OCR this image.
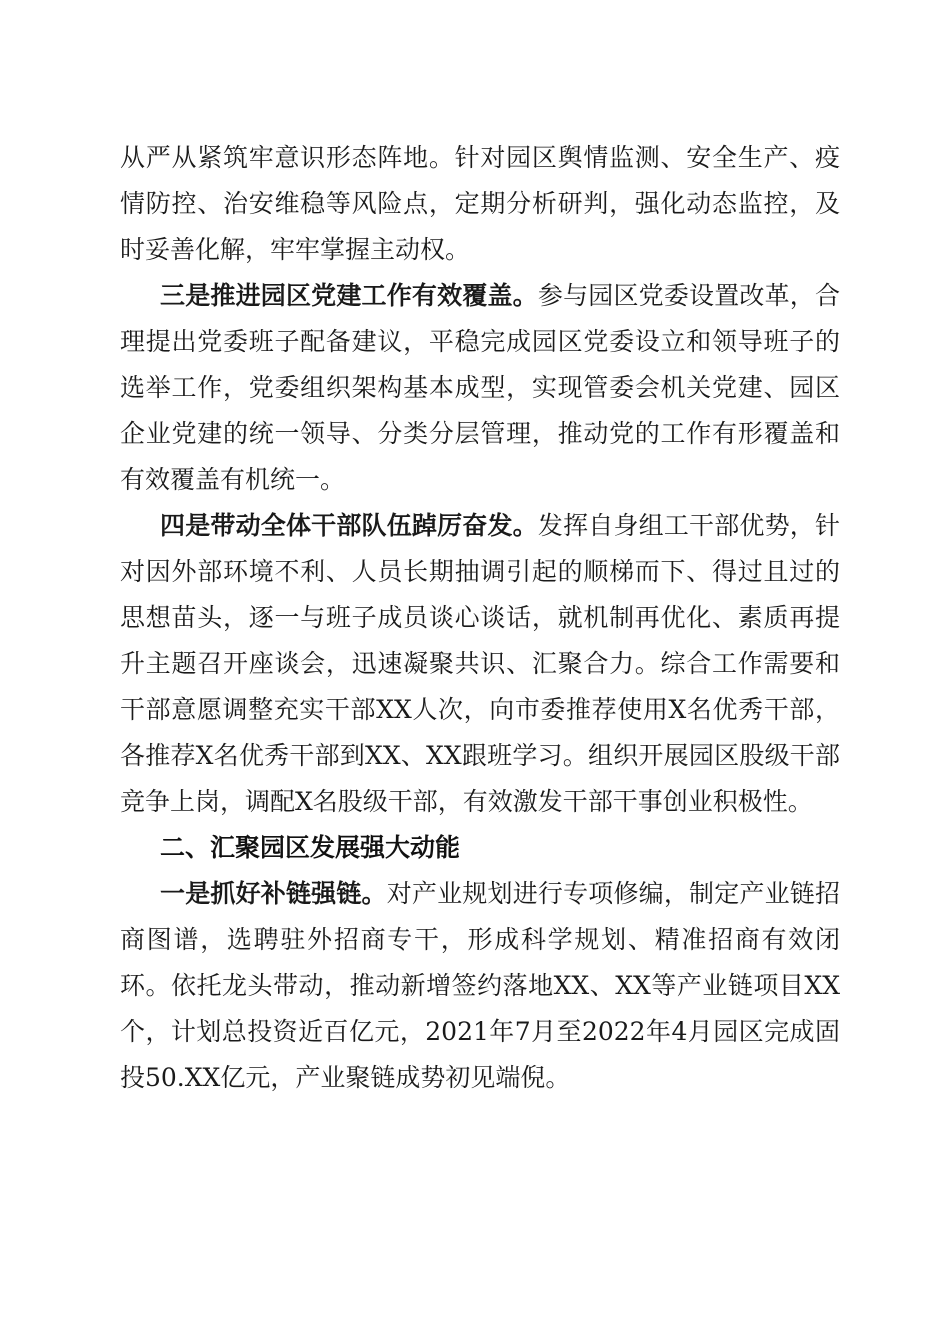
从严从紧筑牢意识形态阵地。针对园区舆情监测、安全生产、疫情防控、治安维稳等风险点，定期分析研判，强化动态监控，及时妥善化解，牢牢掌握主动权。

三是推进园区党建工作有效覆盖。参与园区党委设置改革，合理提出党委班子配备建议，平稳完成园区党委设立和领导班子的选举工作，党委组织架构基本成型，实现管委会机关党建、园区企业党建的统一领导、分类分层管理，推动党的工作有形覆盖和有效覆盖有机统一。

四是带动全体干部队伍踔厉奋发。发挥自身组工干部优势，针对因外部环境不利、人员长期抽调引起的顺梯而下、得过且过的思想苗头，逐一与班子成员谈心谈话，就机制再优化、素质再提升主题召开座谈会，迅速凝聚共识、汇聚合力。综合工作需要和干部意愿调整充实干部XX人次，向市委推荐使用X名优秀干部，各推荐X名优秀干部到XX、XX跟班学习。组织开展园区股级干部竞争上岗，调配X名股级干部，有效激发干部干事创业积极性。

二、汇聚园区发展强大动能

一是抓好补链强链。对产业规划进行专项修编，制定产业链招商图谱，选聘驻外招商专干，形成科学规划、精准招商有效闭环。依托龙头带动，推动新增签约落地XX、XX等产业链项目XX个，计划总投资近百亿元，2021年7月至2022年4月园区完成固投50.XX亿元，产业聚链成势初见端倪。
